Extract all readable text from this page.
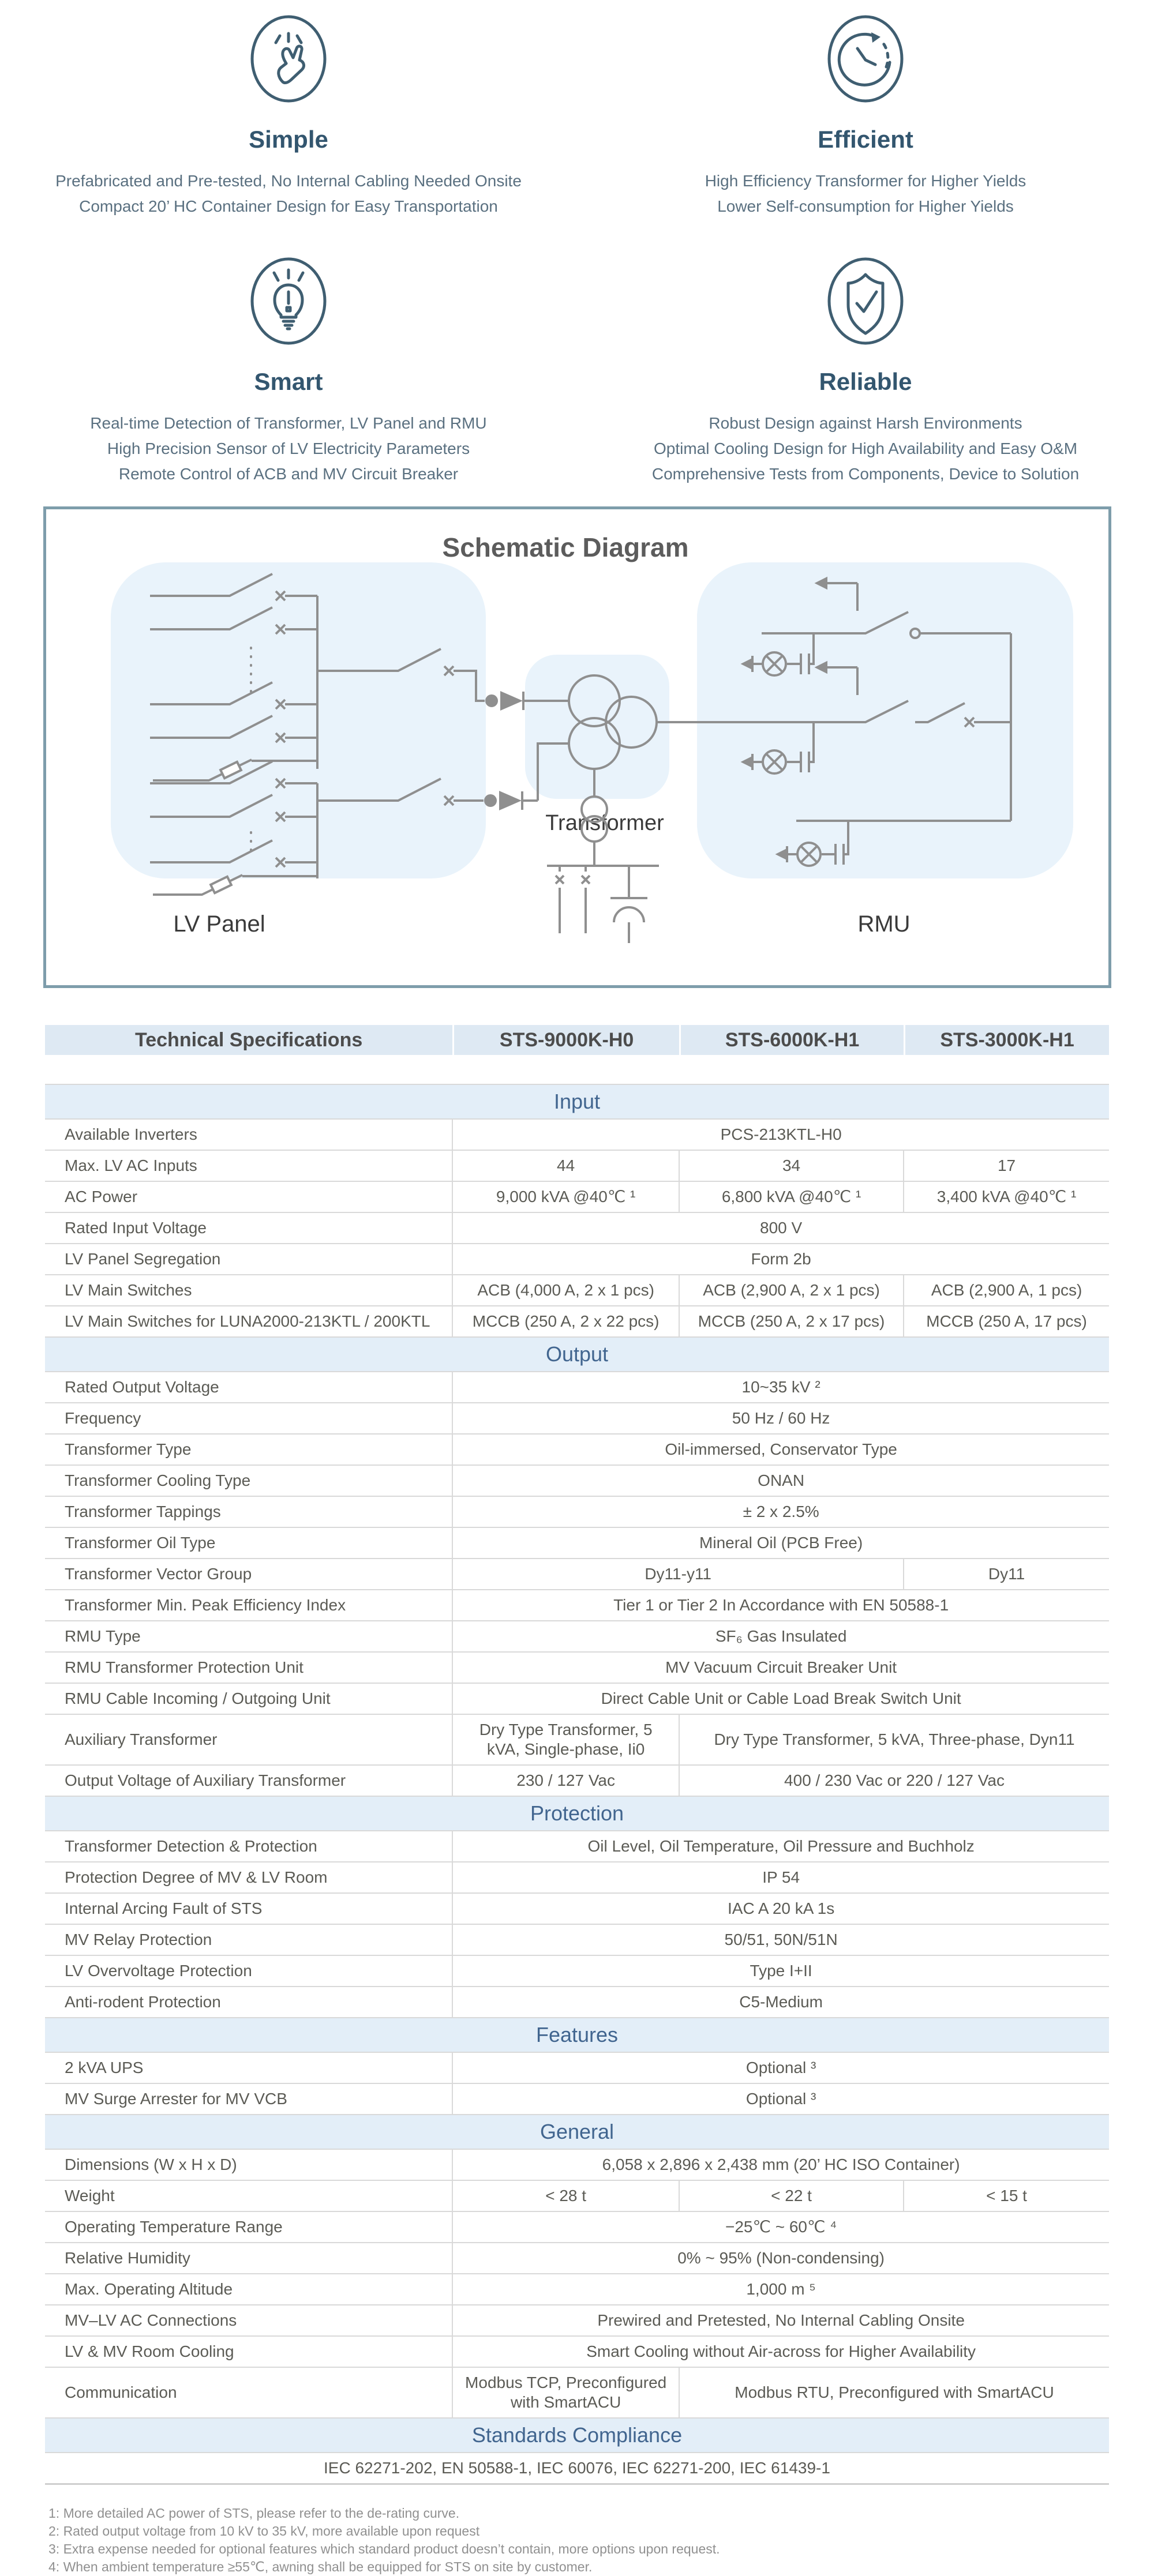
Simple
Prefabricated and Pre-tested, No Internal Cabling Needed Onsite
Compact 20’ HC Container Design for Easy Transportation
Efficient
High Efficiency Transformer for Higher Yields
Lower Self-consumption for Higher Yields
Smart
Real-time Detection of Transformer, LV Panel and RMU
High Precision Sensor of LV Electricity Parameters
Remote Control of ACB and MV Circuit Breaker
Reliable
Robust Design against Harsh Environments
Optimal Cooling Design for High Availability and Easy O&M
Comprehensive Tests from Components, Device to Solution
Schematic Diagram
LV Panel
Transformer
RMU
Technical Specifications	STS-9000K-H0	STS-6000K-H1	STS-3000K-H1
Input			
Available Inverters	PCS-213KTL-H0		
Max. LV AC Inputs	44	34	17
AC Power	9,000 kVA @40℃ ¹	6,800 kVA @40℃ ¹	3,400 kVA @40℃ ¹
Rated Input Voltage	800 V		
LV Panel Segregation	Form 2b		
LV Main Switches	ACB (4,000 A, 2 x 1 pcs)	ACB (2,900 A, 2 x 1 pcs)	ACB (2,900 A, 1 pcs)
LV Main Switches for LUNA2000-213KTL / 200KTL	MCCB (250 A, 2 x 22 pcs)	MCCB (250 A, 2 x 17 pcs)	MCCB (250 A, 17 pcs)
Output			
Rated Output Voltage	10~35 kV ²		
Frequency	50 Hz / 60 Hz		
Transformer Type	Oil-immersed, Conservator Type		
Transformer Cooling Type	ONAN		
Transformer Tappings	± 2 x 2.5%		
Transformer Oil Type	Mineral Oil (PCB Free)		
Transformer Vector Group	Dy11-y11		Dy11
Transformer Min. Peak Efficiency Index	Tier 1 or Tier 2 In Accordance with EN 50588-1		
RMU Type	SF₆ Gas Insulated		
RMU Transformer Protection Unit	MV Vacuum Circuit Breaker Unit		
RMU Cable Incoming / Outgoing Unit	Direct Cable Unit or Cable Load Break Switch Unit		
Auxiliary Transformer	Dry Type Transformer, 5 kVA, Single-phase, Ii0	Dry Type Transformer, 5 kVA, Three-phase, Dyn11	
Output Voltage of Auxiliary Transformer	230 / 127 Vac	400 / 230 Vac or 220 / 127 Vac	
Protection			
Transformer Detection & Protection	Oil Level, Oil Temperature, Oil Pressure and Buchholz		
Protection Degree of MV & LV Room	IP 54		
Internal Arcing Fault of STS	IAC A 20 kA 1s		
MV Relay Protection	50/51, 50N/51N		
LV Overvoltage Protection	Type I+II		
Anti-rodent Protection	C5-Medium		
Features			
2 kVA UPS	Optional ³		
MV Surge Arrester for MV VCB	Optional ³		
General			
Dimensions (W x H x D)	6,058 x 2,896 x 2,438 mm (20’ HC ISO Container)		
Weight	< 28 t	< 22 t	< 15 t
Operating Temperature Range	−25℃ ~ 60℃ ⁴		
Relative Humidity	0% ~ 95% (Non-condensing)		
Max. Operating Altitude	1,000 m ⁵		
MV–LV AC Connections	Prewired and Pretested, No Internal Cabling Onsite		
LV & MV Room Cooling	Smart Cooling without Air-across for Higher Availability		
Communication	Modbus TCP, Preconfigured with SmartACU	Modbus RTU, Preconfigured with SmartACU	
Standards Compliance			
IEC 62271-202, EN 50588-1, IEC 60076, IEC 62271-200, IEC 61439-1			
1: More detailed AC power of STS, please refer to the de-rating curve.
2: Rated output voltage from 10 kV to 35 kV, more available upon request
3: Extra expense needed for optional features which standard product doesn’t contain, more options upon request.
4: When ambient temperature ≥55℃, awning shall be equipped for STS on site by customer.
